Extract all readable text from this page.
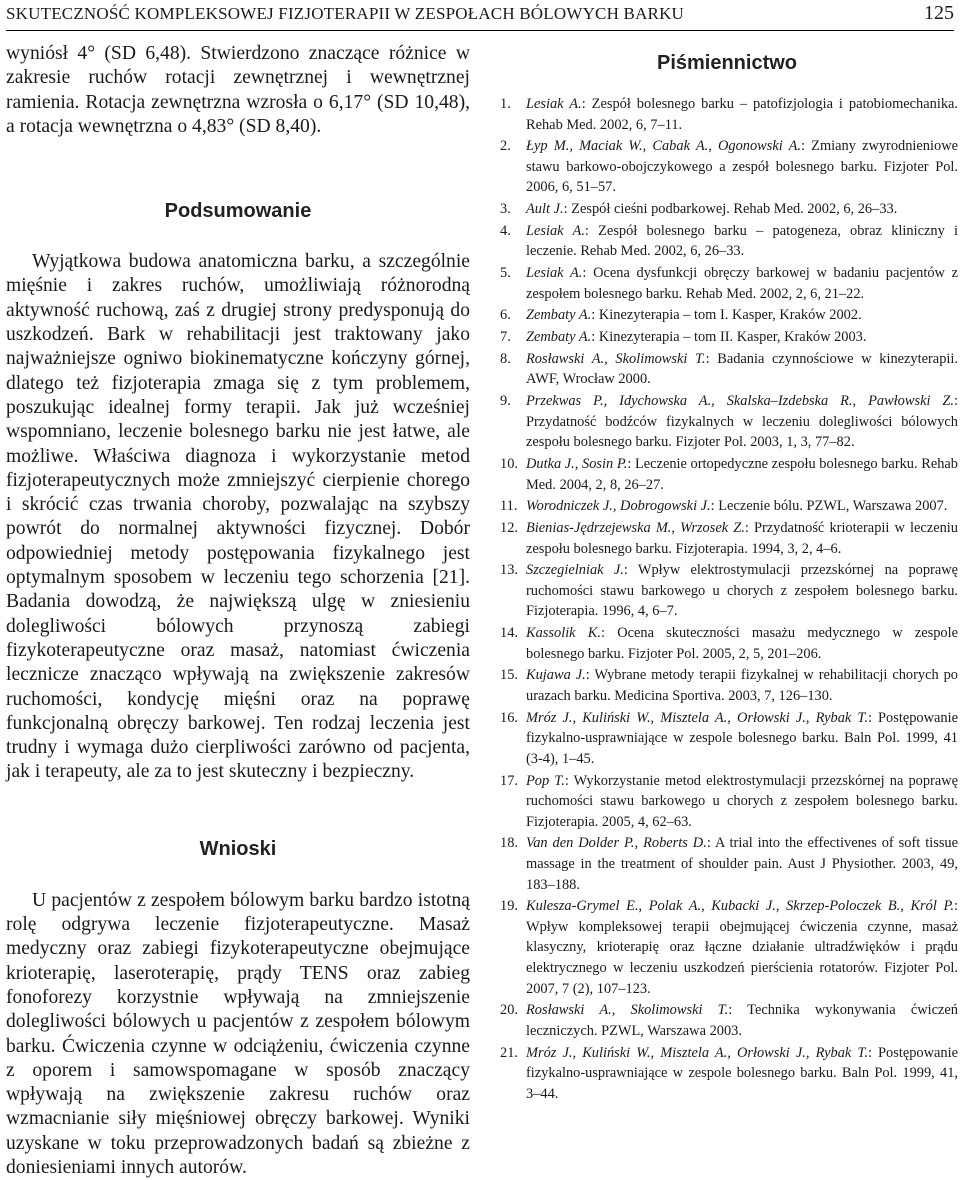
SKUTECZNOŚĆ KOMPLEKSOWEJ FIZJOTERAPII W ZESPOŁACH BÓLOWYCH BARKU	125

wyniósł 4° (SD 6,48). Stwierdzono znaczące różnice w zakresie ruchów rotacji zewnętrznej i wewnętrznej ramienia. Rotacja zewnętrzna wzrosła o 6,17° (SD 10,48), a rotacja wewnętrzna o 4,83° (SD 8,40).

Podsumowanie

Wyjątkowa budowa anatomiczna barku, a szczególnie mięśnie i zakres ruchów, umożliwiają różnorodną aktywność ruchową, zaś z drugiej strony predysponują do uszkodzeń. Bark w rehabilitacji jest traktowany jako najważniejsze ogniwo biokinematyczne kończyny górnej, dlatego też fizjoterapia zmaga się z tym problemem, poszukując idealnej formy terapii. Jak już wcześniej wspomniano, leczenie bolesnego barku nie jest łatwe, ale możliwe. Właściwa diagnoza i wykorzystanie metod fizjoterapeutycznych może zmniejszyć cierpienie chorego i skrócić czas trwania choroby, pozwalając na szybszy powrót do normalnej aktywności fizycznej. Dobór odpowiedniej metody postępowania fizykalnego jest optymalnym sposobem w leczeniu tego schorzenia [21]. Badania dowodzą, że największą ulgę w zniesieniu dolegliwości bólowych przynoszą zabiegi fizykoterapeutyczne oraz masaż, natomiast ćwiczenia lecznicze znacząco wpływają na zwiększenie zakresów ruchomości, kondycję mięśni oraz na poprawę funkcjonalną obręczy barkowej. Ten rodzaj leczenia jest trudny i wymaga dużo cierpliwości zarówno od pacjenta, jak i terapeuty, ale za to jest skuteczny i bezpieczny.

Wnioski

U pacjentów z zespołem bólowym barku bardzo istotną rolę odgrywa leczenie fizjoterapeutyczne. Masaż medyczny oraz zabiegi fizykoterapeutyczne obejmujące krioterapię, laseroterapię, prądy TENS oraz zabieg fonoforezy korzystnie wpływają na zmniejszenie dolegliwości bólowych u pacjentów z zespołem bólowym barku. Ćwiczenia czynne w odciążeniu, ćwiczenia czynne z oporem i samowspomagane w sposób znaczący wpływają na zwiększenie zakresu ruchów oraz wzmacnianie siły mięśniowej obręczy barkowej. Wyniki uzyskane w toku przeprowadzonych badań są zbieżne z doniesieniami innych autorów.

Piśmiennictwo
1. Lesiak A.: Zespół bolesnego barku – patofizjologia i patobiomechanika. Rehab Med. 2002, 6, 7–11.
2. Łyp M., Maciak W., Cabak A., Ogonowski A.: Zmiany zwyrodnieniowe stawu barkowo-obojczykowego a zespół bolesnego barku. Fizjoter Pol. 2006, 6, 51–57.
3. Ault J.: Zespół cieśni podbarkowej. Rehab Med. 2002, 6, 26–33.
4. Lesiak A.: Zespół bolesnego barku – patogeneza, obraz kliniczny i leczenie. Rehab Med. 2002, 6, 26–33.
5. Lesiak A.: Ocena dysfunkcji obręczy barkowej w badaniu pacjentów z zespołem bolesnego barku. Rehab Med. 2002, 2, 6, 21–22.
6. Zembaty A.: Kinezyterapia – tom I. Kasper, Kraków 2002.
7. Zembaty A.: Kinezyterapia – tom II. Kasper, Kraków 2003.
8. Rosławski A., Skolimowski T.: Badania czynnościowe w kinezyterapii. AWF, Wrocław 2000.
9. Przekwas P., Idychowska A., Skalska–Izdebska R., Pawłowski Z.: Przydatność bodźców fizykalnych w leczeniu dolegliwości bólowych zespołu bolesnego barku. Fizjoter Pol. 2003, 1, 3, 77–82.
10. Dutka J., Sosin P.: Leczenie ortopedyczne zespołu bolesnego barku. Rehab Med. 2004, 2, 8, 26–27.
11. Worodniczek J., Dobrogowski J.: Leczenie bólu. PZWL, Warszawa 2007.
12. Bienias-Jędrzejewska M., Wrzosek Z.: Przydatność krioterapii w leczeniu zespołu bolesnego barku. Fizjoterapia. 1994, 3, 2, 4–6.
13. Szczegielniak J.: Wpływ elektrostymulacji przezskórnej na poprawę ruchomości stawu barkowego u chorych z zespołem bolesnego barku. Fizjoterapia. 1996, 4, 6–7.
14. Kassolik K.: Ocena skuteczności masażu medycznego w zespole bolesnego barku. Fizjoter Pol. 2005, 2, 5, 201–206.
15. Kujawa J.: Wybrane metody terapii fizykalnej w rehabilitacji chorych po urazach barku. Medicina Sportiva. 2003, 7, 126–130.
16. Mróz J., Kuliński W., Misztela A., Orłowski J., Rybak T.: Postępowanie fizykalno-usprawniające w zespole bolesnego barku. Baln Pol. 1999, 41 (3-4), 1–45.
17. Pop T.: Wykorzystanie metod elektrostymulacji przezskórnej na poprawę ruchomości stawu barkowego u chorych z zespołem bolesnego barku. Fizjoterapia. 2005, 4, 62–63.
18. Van den Dolder P., Roberts D.: A trial into the effectivenes of soft tissue massage in the treatment of shoulder pain. Aust J Physiother. 2003, 49, 183–188.
19. Kulesza-Grymel E., Polak A., Kubacki J., Skrzep-Poloczek B., Król P.: Wpływ kompleksowej terapii obejmującej ćwiczenia czynne, masaż klasyczny, krioterapię oraz łączne działanie ultradźwięków i prądu elektrycznego w leczeniu uszkodzeń pierścienia rotatorów. Fizjoter Pol. 2007, 7 (2), 107–123.
20. Rosławski A., Skolimowski T.: Technika wykonywania ćwiczeń leczniczych. PZWL, Warszawa 2003.
21. Mróz J., Kuliński W., Misztela A., Orłowski J., Rybak T.: Postępowanie fizykalno-usprawniające w zespole bolesnego barku. Baln Pol. 1999, 41, 3–44.
